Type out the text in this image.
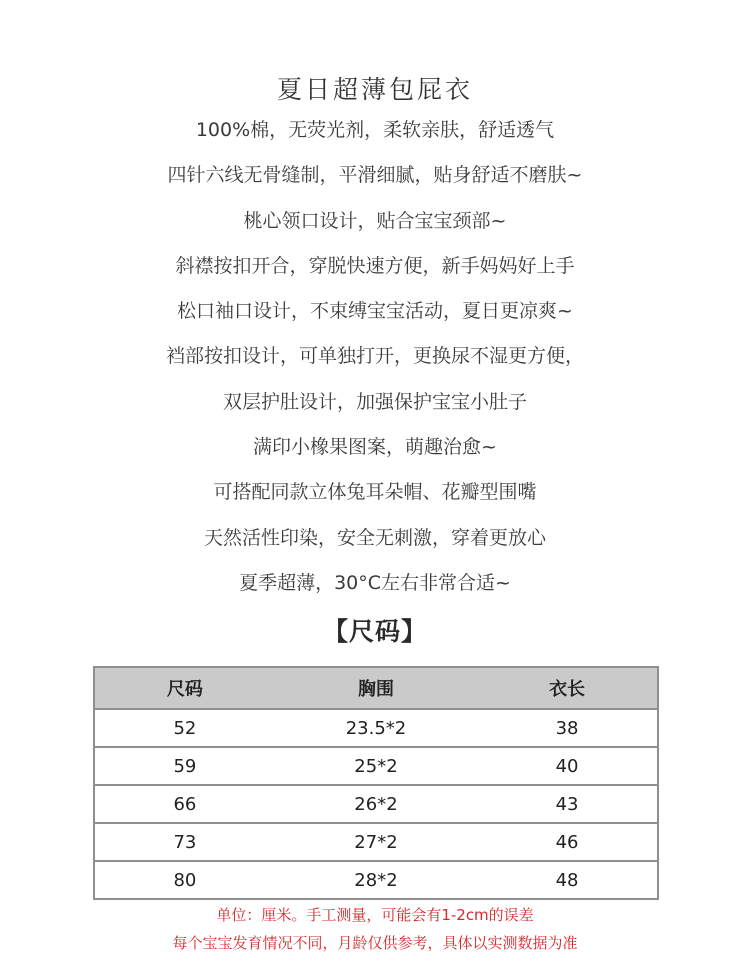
夏日超薄包屁衣
100%棉，无荧光剂，柔软亲肤，舒适透气
四针六线无骨缝制，平滑细腻，贴身舒适不磨肤~
桃心领口设计，贴合宝宝颈部~
斜襟按扣开合，穿脱快速方便，新手妈妈好上手
松口袖口设计，不束缚宝宝活动，夏日更凉爽~
裆部按扣设计，可单独打开，更换尿不湿更方便，
双层护肚设计，加强保护宝宝小肚子
满印小橡果图案，萌趣治愈~
可搭配同款立体兔耳朵帽、花瓣型围嘴
天然活性印染，安全无刺激，穿着更放心
夏季超薄，30°C左右非常合适~
【尺码】
尺码	胸围	衣长
52	23.5*2	38
59	25*2	40
66	26*2	43
73	27*2	46
80	28*2	48
单位：厘米。手工测量，可能会有1-2cm的误差
每个宝宝发育情况不同，月龄仅供参考，具体以实测数据为准
